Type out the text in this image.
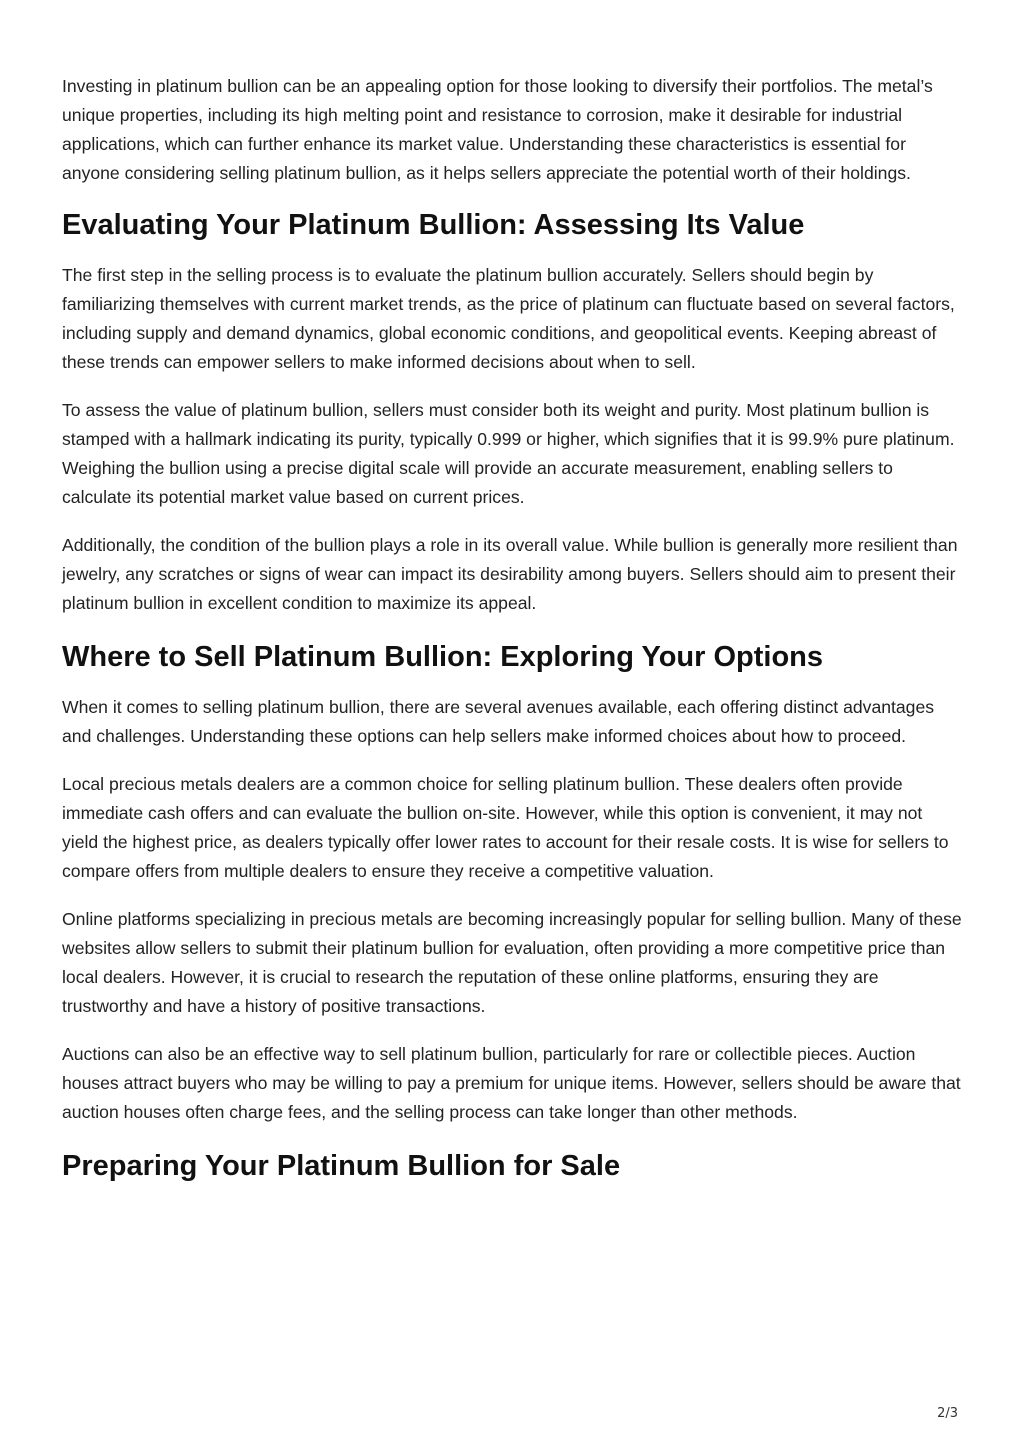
Investing in platinum bullion can be an appealing option for those looking to diversify their portfolios. The metal’s unique properties, including its high melting point and resistance to corrosion, make it desirable for industrial applications, which can further enhance its market value. Understanding these characteristics is essential for anyone considering selling platinum bullion, as it helps sellers appreciate the potential worth of their holdings.

Evaluating Your Platinum Bullion: Assessing Its Value

The first step in the selling process is to evaluate the platinum bullion accurately. Sellers should begin by familiarizing themselves with current market trends, as the price of platinum can fluctuate based on several factors, including supply and demand dynamics, global economic conditions, and geopolitical events. Keeping abreast of these trends can empower sellers to make informed decisions about when to sell.

To assess the value of platinum bullion, sellers must consider both its weight and purity. Most platinum bullion is stamped with a hallmark indicating its purity, typically 0.999 or higher, which signifies that it is 99.9% pure platinum. Weighing the bullion using a precise digital scale will provide an accurate measurement, enabling sellers to calculate its potential market value based on current prices.

Additionally, the condition of the bullion plays a role in its overall value. While bullion is generally more resilient than jewelry, any scratches or signs of wear can impact its desirability among buyers. Sellers should aim to present their platinum bullion in excellent condition to maximize its appeal.

Where to Sell Platinum Bullion: Exploring Your Options

When it comes to selling platinum bullion, there are several avenues available, each offering distinct advantages and challenges. Understanding these options can help sellers make informed choices about how to proceed.

Local precious metals dealers are a common choice for selling platinum bullion. These dealers often provide immediate cash offers and can evaluate the bullion on-site. However, while this option is convenient, it may not yield the highest price, as dealers typically offer lower rates to account for their resale costs. It is wise for sellers to compare offers from multiple dealers to ensure they receive a competitive valuation.

Online platforms specializing in precious metals are becoming increasingly popular for selling bullion. Many of these websites allow sellers to submit their platinum bullion for evaluation, often providing a more competitive price than local dealers. However, it is crucial to research the reputation of these online platforms, ensuring they are trustworthy and have a history of positive transactions.

Auctions can also be an effective way to sell platinum bullion, particularly for rare or collectible pieces. Auction houses attract buyers who may be willing to pay a premium for unique items. However, sellers should be aware that auction houses often charge fees, and the selling process can take longer than other methods.

Preparing Your Platinum Bullion for Sale
2/3
